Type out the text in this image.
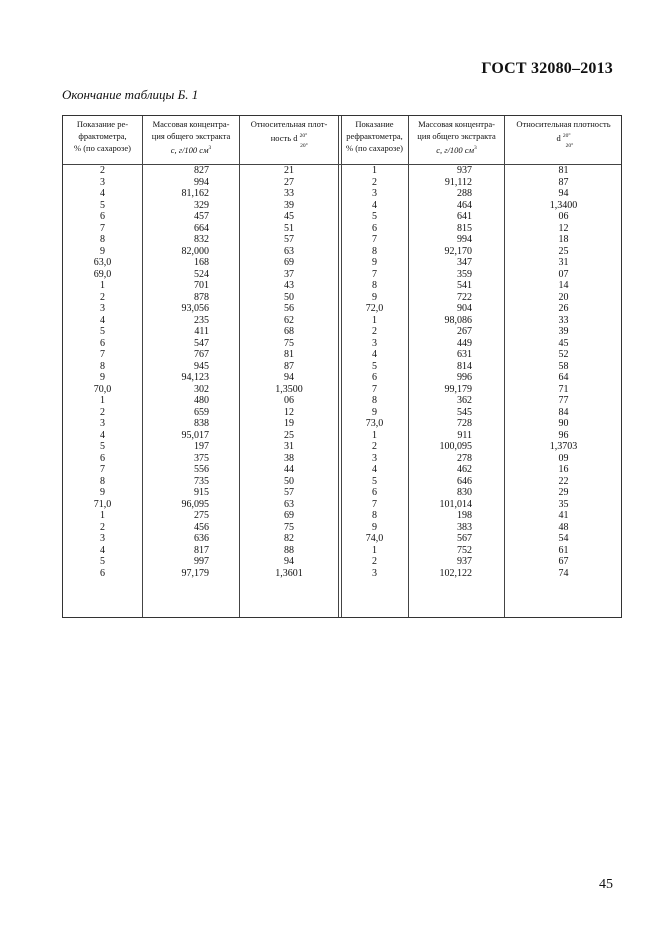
ГОСТ 32080–2013
Окончание таблицы Б. 1
Показание ре-
фрактометра,
% (по сахарозе)
Массовая концентра-
ция общего экстракта
c, г/100 $см^3$
Относительная плот-
ность d $^{20^\circ}$
20°
Показание
рефрактометра,
% (по сахарозе)
Массовая концентра-
ция общего экстракта
c, г/100 $см^3$
Относительная плотность
d $^{20^\circ}$
20°
2
3
4
5
6
7
8
9
63,0
69,0
1
2
3
4
5
6
7
8
9
70,0
1
2
3
4
5
6
7
8
9
71,0
1
2
3
4
5
6
827
994
81,162
329
457
664
832
82,000
168
524
701
878
93,056
235
411
547
767
945
94,123
302
480
659
838
95,017
197
375
556
735
915
96,095
275
456
636
817
997
97,179
21
27
33
39
45
51
57
63
69
37
43
50
56
62
68
75
81
87
94
1,3500
06
12
19
25
31
38
44
50
57
63
69
75
82
88
94
1,3601
1
2
3
4
5
6
7
8
9
7
8
9
72,0
1
2
3
4
5
6
7
8
9
73,0
1
2
3
4
5
6
7
8
9
74,0
1
2
3
937
91,112
288
464
641
815
994
92,170
347
359
541
722
904
98,086
267
449
631
814
996
99,179
362
545
728
911
100,095
278
462
646
830
101,014
198
383
567
752
937
102,122
81
87
94
1,3400
06
12
18
25
31
07
14
20
26
33
39
45
52
58
64
71
77
84
90
96
1,3703
09
16
22
29
35
41
48
54
61
67
74
45
